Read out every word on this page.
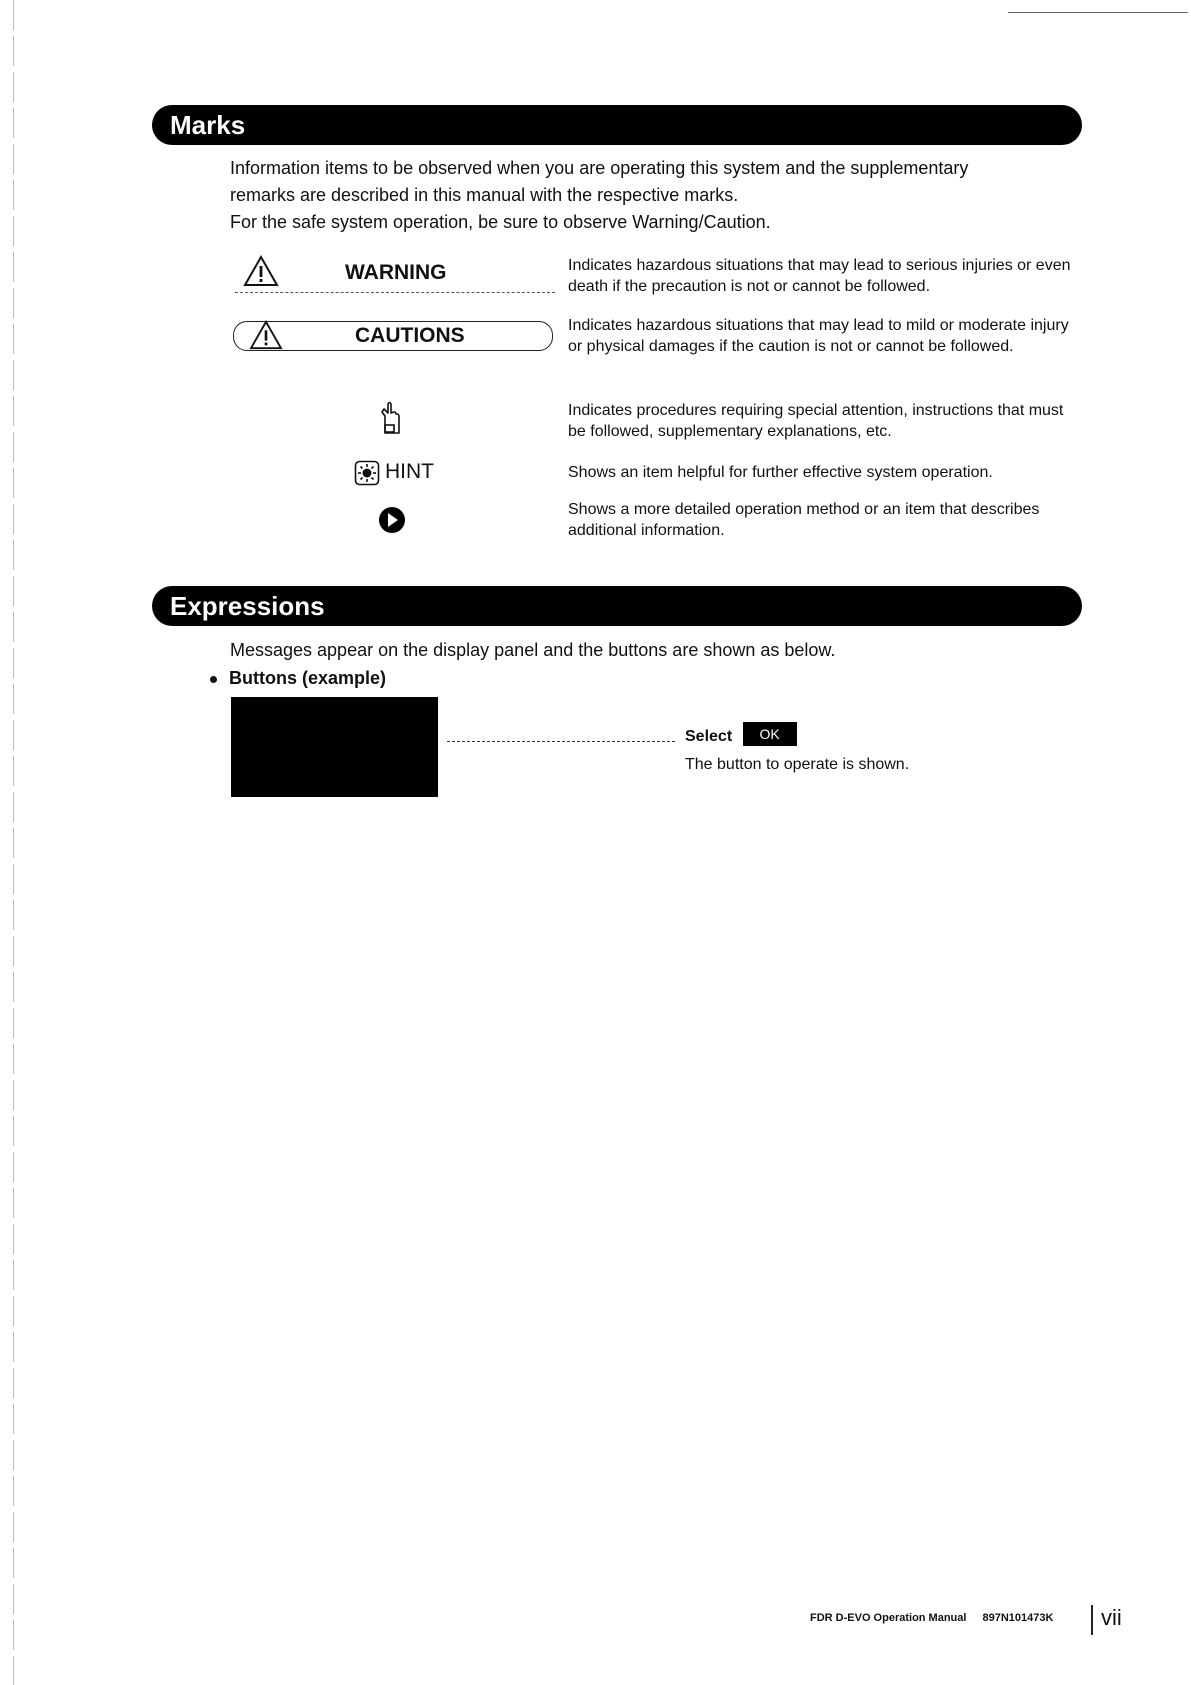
Marks

Information items to be observed when you are operating this system and the supplementary

remarks are described in this manual with the respective marks.

For the safe system operation, be sure to observe Warning/Caution.

WARNING	Indicates hazardous situations that may lead to serious injuries or even death if the precaution is not or cannot be followed.
CAUTIONS	Indicates hazardous situations that may lead to mild or moderate injury or physical damages if the caution is not or cannot be followed.
Indicates procedures requiring special attention, instructions that must be followed, supplementary explanations, etc.
HINT	Shows an item helpful for further effective system operation.
Shows a more detailed operation method or an item that describes additional information.
Expressions
Messages appear on the display panel and the buttons are shown as below.
Buttons (example)
Select OK
The button to operate is shown.
FDR D-EVO Operation Manual 897N101473K	vii
